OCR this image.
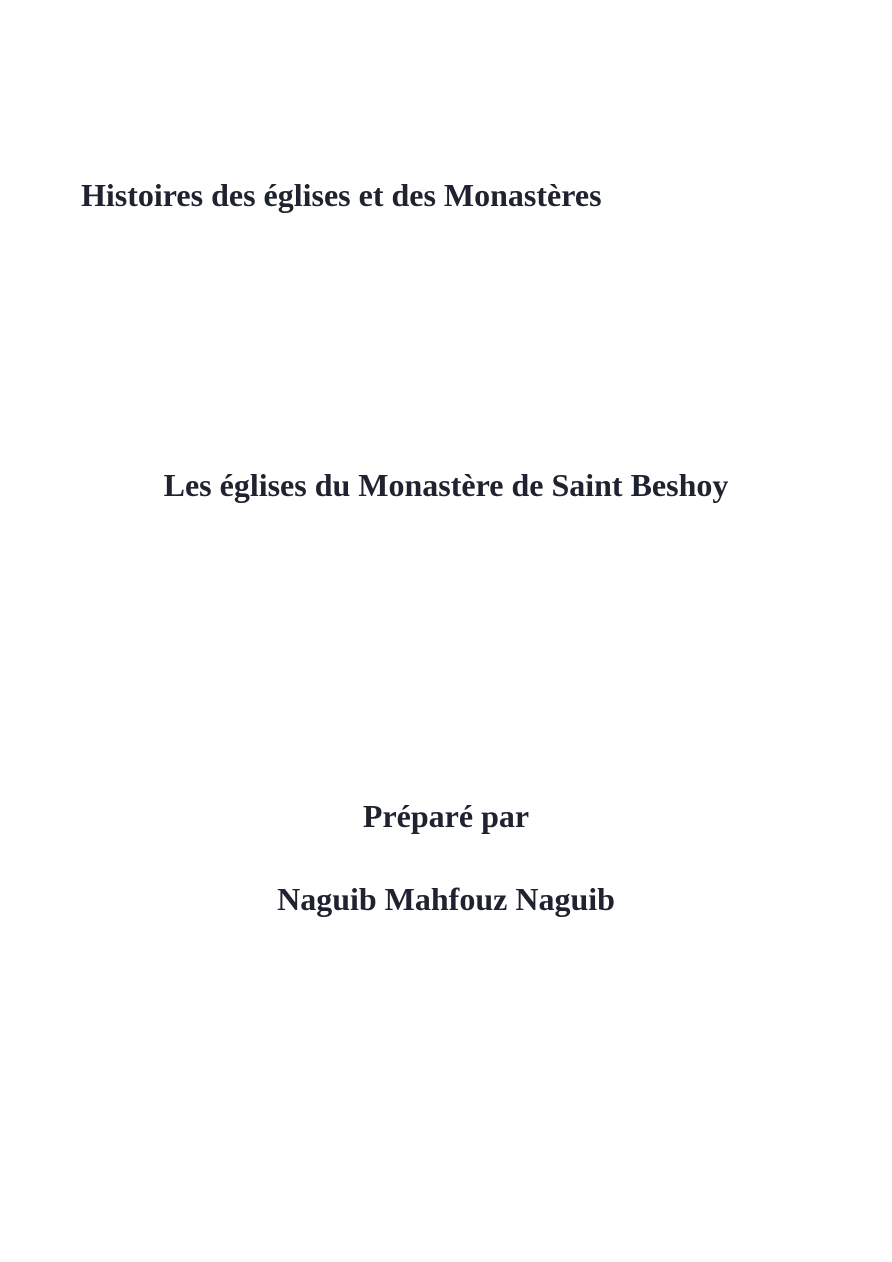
Histoires des églises et des Monastères
Les églises du Monastère de Saint Beshoy

Préparé par

Naguib Mahfouz Naguib
